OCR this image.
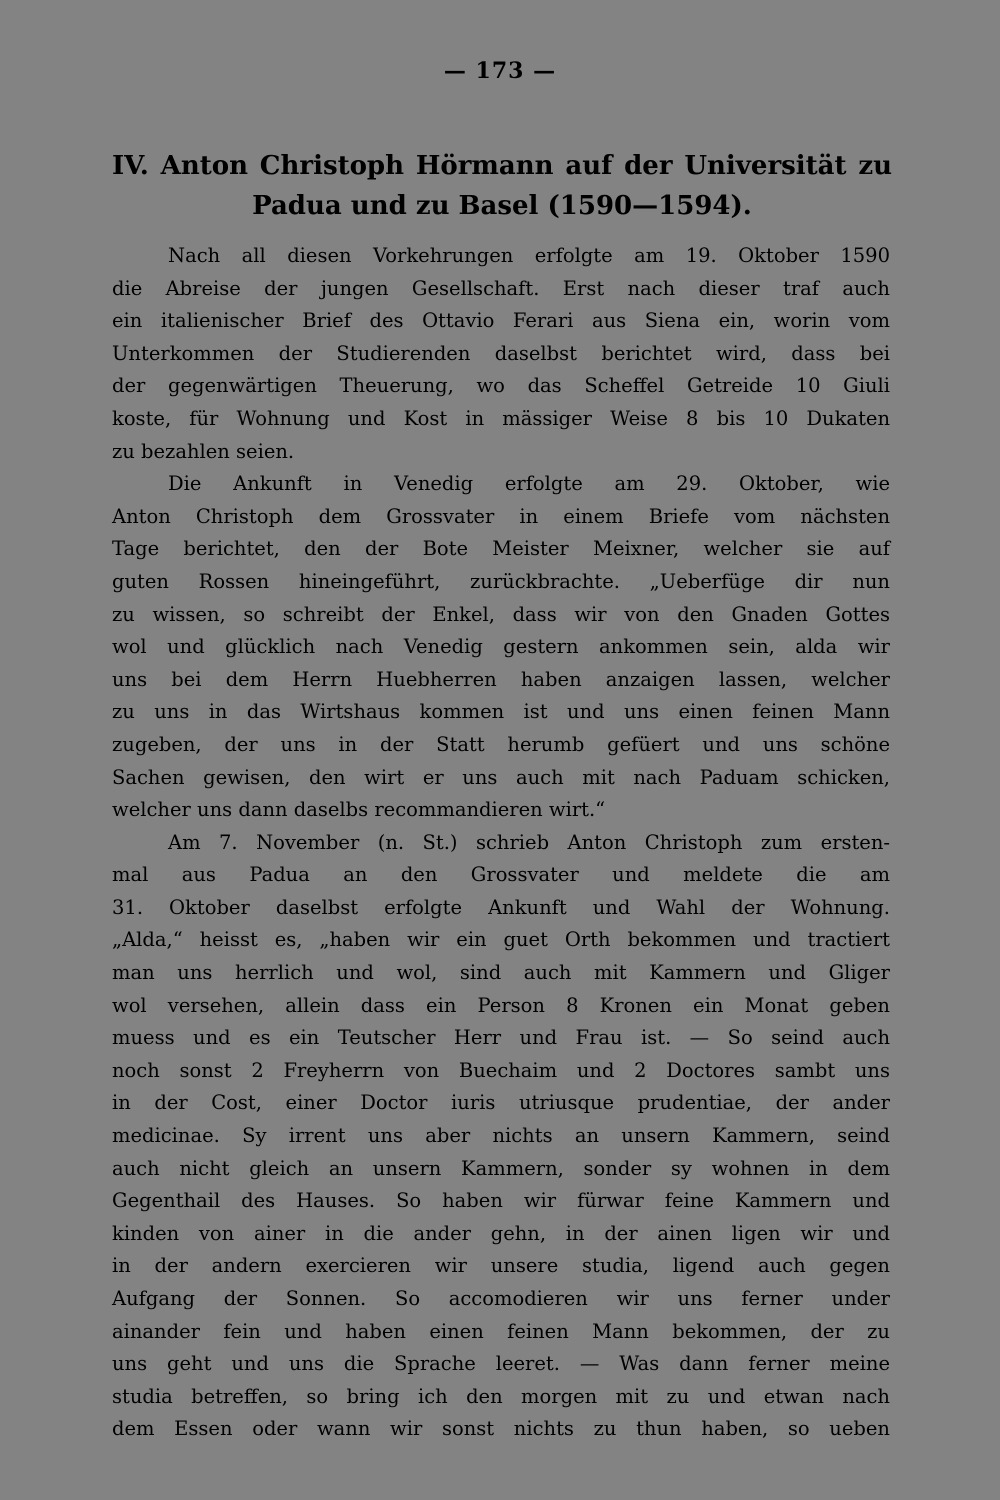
— 173 —
IV. Anton Christoph Hörmann auf der Universität zu
Padua und zu Basel (1590—1594).
Nach all diesen Vorkehrungen erfolgte am 19. Oktober 1590
die Abreise der jungen Gesellschaft. Erst nach dieser traf auch
ein italienischer Brief des Ottavio Ferari aus Siena ein, worin vom
Unterkommen der Studierenden daselbst berichtet wird, dass bei
der gegenwärtigen Theuerung, wo das Scheffel Getreide 10 Giuli
koste, für Wohnung und Kost in mässiger Weise 8 bis 10 Dukaten
zu bezahlen seien.
Die Ankunft in Venedig erfolgte am 29. Oktober, wie
Anton Christoph dem Grossvater in einem Briefe vom nächsten
Tage berichtet, den der Bote Meister Meixner, welcher sie auf
guten Rossen hineingeführt, zurückbrachte. „Ueberfüge dir nun
zu wissen, so schreibt der Enkel, dass wir von den Gnaden Gottes
wol und glücklich nach Venedig gestern ankommen sein, alda wir
uns bei dem Herrn Huebherren haben anzaigen lassen, welcher
zu uns in das Wirtshaus kommen ist und uns einen feinen Mann
zugeben, der uns in der Statt herumb gefüert und uns schöne
Sachen gewisen, den wirt er uns auch mit nach Paduam schicken,
welcher uns dann daselbs recommandieren wirt.“
Am 7. November (n. St.) schrieb Anton Christoph zum ersten-
mal aus Padua an den Grossvater und meldete die am
31. Oktober daselbst erfolgte Ankunft und Wahl der Wohnung.
„Alda,“ heisst es, „haben wir ein guet Orth bekommen und tractiert
man uns herrlich und wol, sind auch mit Kammern und Gliger
wol versehen, allein dass ein Person 8 Kronen ein Monat geben
muess und es ein Teutscher Herr und Frau ist. — So seind auch
noch sonst 2 Freyherrn von Buechaim und 2 Doctores sambt uns
in der Cost, einer Doctor iuris utriusque prudentiae, der ander
medicinae. Sy irrent uns aber nichts an unsern Kammern, seind
auch nicht gleich an unsern Kammern, sonder sy wohnen in dem
Gegenthail des Hauses. So haben wir fürwar feine Kammern und
kinden von ainer in die ander gehn, in der ainen ligen wir und
in der andern exercieren wir unsere studia, ligend auch gegen
Aufgang der Sonnen. So accomodieren wir uns ferner under
ainander fein und haben einen feinen Mann bekommen, der zu
uns geht und uns die Sprache leeret. — Was dann ferner meine
studia betreffen, so bring ich den morgen mit zu und etwan nach
dem Essen oder wann wir sonst nichts zu thun haben, so ueben
